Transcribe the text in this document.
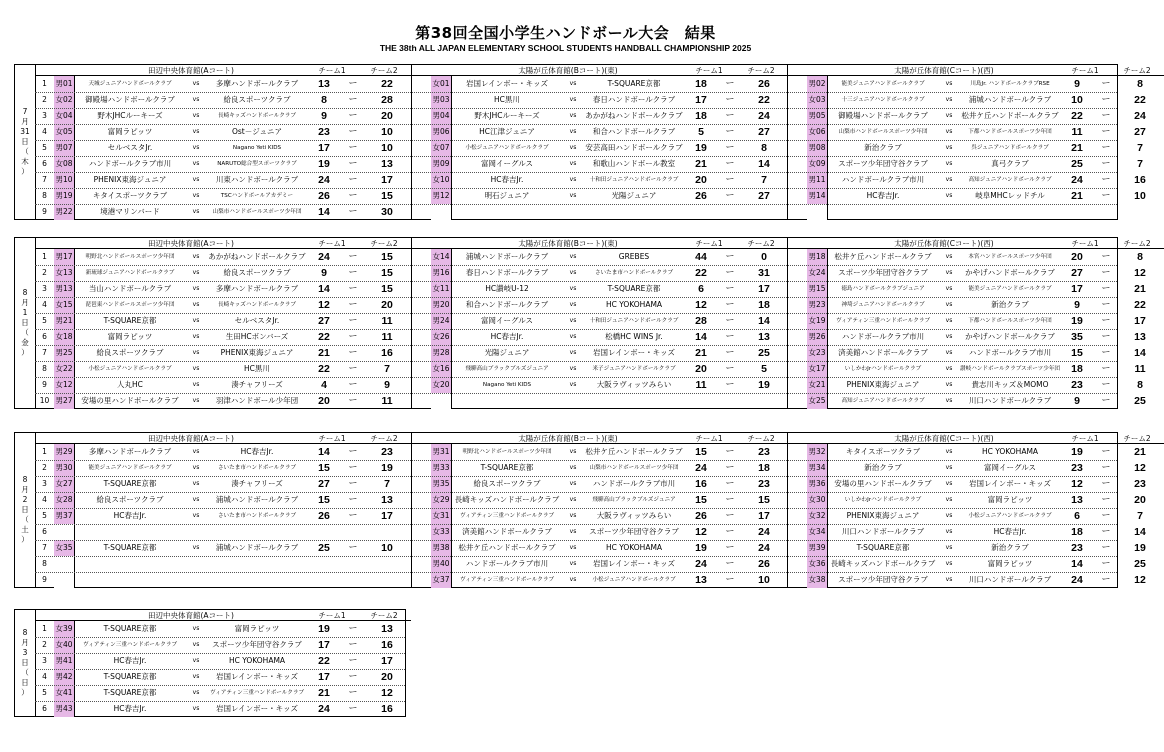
第38回全国小学生ハンドボール大会　結果
THE 38th ALL JAPAN ELEMENTARY SCHOOL STUDENTS HANDBALL CHAMPIONSHIP 2025
7
月
31
日
（
木
）
田辺中央体育館(Aコート)	チーム1	チーム2
1	男01	天城ジュニアハンドボールクラブ	vs	多摩ハンドボールクラブ	13	ー	22
2	女02	御殿場ハンドボールクラブ	vs	給良スポーツクラブ	8	ー	28
3	女04	野木JHCルーキーズ	vs	長崎キッズハンドボールクラブ	9	ー	20
4	女05	富岡ラピッツ	vs	Ost－ジュニア	23	ー	10
5	男07	セルベスタJr.	vs	Nagano Yeti KIDS	17	ー	10
6	女08	ハンドボールクラブ市川	vs	NARUTO総合型スポーツクラブ	19	ー	13
7	男10	PHENIX東海ジュニア	vs	川東ハンドボールクラブ	24	ー	17
8	男19	キタイスポーツクラブ	vs	TSCハンドボールアカデミー	26	ー	15
9	男22	境港マリンバード	vs	山梨市ハンドボールスポーツ少年団	14	ー	30
太陽が丘体育館(Bコート)(東)	チーム1	チーム2
女01	岩国レインボー・キッズ	vs	T-SQUARE京都	18	ー	26
男03	HC黒川	vs	春日ハンドボールクラブ	17	ー	22
男04	野木JHCルーキーズ	vs	あかがねハンドボールクラブ	18	ー	24
男06	HC江津ジュニア	vs	和合ハンドボールクラブ	5	ー	27
女07	小松ジュニアハンドボールクラブ	vs	安芸高田ハンドボールクラブ	19	ー	8
男09	富岡イーグルス	vs	和歌山ハンドボール教室	21	ー	14
女10	HC春吉Jr.	vs	十和田ジュニアハンドボールクラブ	20	ー	7
男12	明石ジュニア	vs	光陽ジュニア	26	ー	27
太陽が丘体育館(Cコート)(西)	チーム1	チーム2
男02	能美ジュニアハンドボールクラブ	vs	川島Jr. ハンドボールクラブRSE	9	ー	8
女03	十三ジュニアハンドボールクラブ	vs	浦城ハンドボールクラブ	10	ー	22
男05	御殿場ハンドボールクラブ	vs	松井ケ丘ハンドボールクラブ	22	ー	24
女06	山梨市ハンドボールスポーツ少年団	vs	下都ハンドボールスポーツ少年団	11	ー	27
男08	新治クラブ	vs	呉ジュニアハンドボールクラブ	21	ー	7
女09	スポーツ少年団守谷クラブ	vs	真弓クラブ	25	ー	7
男11	ハンドボールクラブ市川	vs	高知ジュニアハンドボールクラブ	24	ー	16
男14	HC春吉Jr.	vs	岐阜MHCレッドチル	21	ー	10
8
月
1
日
（
金
）
田辺中央体育館(Aコート)	チーム1	チーム2
1	男17	明野北ハンドボールスポーツ少年団	vs	あかがねハンドボールクラブ	24	ー	15
2	女13	新琉球ジュニアハンドボールクラブ	vs	給良スポーツクラブ	9	ー	15
3	男13	当山ハンドボールクラブ	vs	多摩ハンドボールクラブ	14	ー	15
4	女15	琵琶東ハンドボールスポーツ少年団	vs	長崎キッズハンドボールクラブ	12	ー	20
5	男21	T-SQUARE京都	vs	セルベスタJr.	27	ー	11
6	女18	富岡ラピッツ	vs	生田HCボンバーズ	22	ー	11
7	男25	給良スポーツクラブ	vs	PHENIX東海ジュニア	21	ー	16
8	女22	小松ジュニアハンドボールクラブ	vs	HC黒川	22	ー	7
9	女12	人丸HC	vs	湊チャフリーズ	4	ー	9
10 男27	安場の里ハンドボールクラブ	vs	羽津ハンドボール少年団	20	ー	11
太陽が丘体育館(Bコート)(東)	チーム1	チーム2
女14	浦城ハンドボールクラブ	vs	GREBES	44	ー	0
男16	春日ハンドボールクラブ	vs	さいたま市ハンドボールクラブ	22	ー	31
女11	HC讃岐U-12	vs	T-SQUARE京都	6	ー	17
男20	和合ハンドボールクラブ	vs	HC YOKOHAMA	12	ー	18
男24	富岡イーグルス	vs	十和田ジュニアハンドボールクラブ	28	ー	14
女26	HC春吉Jr.	vs	松橋HC WINS Jr.	14	ー	13
男28	光陽ジュニア	vs	岩国レインボー・キッズ	21	ー	25
女16	飛騨高山ブラックブルズジュニア	vs	米子ジュニアハンドボールクラブ	20	ー	5
女20	Nagano Yeti KIDS	vs	大阪ラヴィッツみらい	11	ー	19
太陽が丘体育館(Cコート)(西)	チーム1	チーム2
男18	松井ケ丘ハンドボールクラブ	vs	本宮ハンドボールスポーツ少年団	20	ー	8
女24	スポーツ少年団守谷クラブ	vs	かやげハンドボールクラブ	27	ー	12
男15	徳島ハンドボールクラブジュニア	vs	能美ジュニアハンドボールクラブ	17	ー	21
男23	神埼ジュニアハンドボールクラブ	vs	新治クラブ	9	ー	22
女19	ヴィアティン三重ハンドボールクラブ	vs	下都ハンドボールスポーツ少年団	19	ー	17
男26	ハンドボールクラブ市川	vs	かやげハンドボールクラブ	35	ー	13
女23	済美館ハンドボールクラブ	vs	ハンドボールクラブ市川	15	ー	14
女17	いしかわJrハンドボールクラブ	vs	讃岐ハンドボールクラブスポーツ少年団	18	ー	11
女21	PHENIX東海ジュニア	vs	貴志川キッズ＆MOMO	23	ー	8
女25	高知ジュニアハンドボールクラブ	vs	川口ハンドボールクラブ	9	ー	25
8
月
2
日
（
土
）
田辺中央体育館(Aコート)	チーム1	チーム2
1	男29	多摩ハンドボールクラブ	vs	HC春吉Jr.	14	ー	23
2	男30	能美ジュニアハンドボールクラブ	vs	さいたま市ハンドボールクラブ	15	ー	19
3	女27	T-SQUARE京都	vs	湊チャフリーズ	27	ー	7
4	女28	給良スポーツクラブ	vs	浦城ハンドボールクラブ	15	ー	13
5	男37	HC春吉Jr.	vs	さいたま市ハンドボールクラブ	26	ー	17
6
7	女35	T-SQUARE京都	vs	浦城ハンドボールクラブ	25	ー	10
8
9
太陽が丘体育館(Bコート)(東)	チーム1	チーム2
男31	明野北ハンドボールスポーツ少年団	vs	松井ケ丘ハンドボールクラブ	15	ー	23
男33	T-SQUARE京都	vs	山梨市ハンドボールスポーツ少年団	24	ー	18
男35	給良スポーツクラブ	vs	ハンドボールクラブ市川	16	ー	23
女29 長崎キッズハンドボールクラブ	vs	飛騨高山ブラックブルズジュニア	15	ー	15
女31	ヴィアティン三重ハンドボールクラブ	vs	大阪ラヴィッツみらい	26	ー	17
女33	済美館ハンドボールクラブ	vs	スポーツ少年団守谷クラブ	12	ー	24
男38	松井ケ丘ハンドボールクラブ	vs	HC YOKOHAMA	19	ー	24
男40	ハンドボールクラブ市川	vs	岩国レインボー・キッズ	24	ー	26
女37	ヴィアティン三重ハンドボールクラブ	vs	小松ジュニアハンドボールクラブ	13	ー	10
太陽が丘体育館(Cコート)(西)	チーム1	チーム2
男32	キタイスポーツクラブ	vs	HC YOKOHAMA	19	ー	21
男34	新治クラブ	vs	富岡イーグルス	23	ー	12
男36	安場の里ハンドボールクラブ	vs	岩国レインボー・キッズ	12	ー	23
女30	いしかわJrハンドボールクラブ	vs	富岡ラピッツ	13	ー	20
女32	PHENIX東海ジュニア	vs	小松ジュニアハンドボールクラブ	6	ー	7
女34	川口ハンドボールクラブ	vs	HC春吉Jr.	18	ー	14
男39	T-SQUARE京都	vs	新治クラブ	23	ー	19
女36 長崎キッズハンドボールクラブ	vs	富岡ラピッツ	14	ー	25
女38	スポーツ少年団守谷クラブ	vs	川口ハンドボールクラブ	24	ー	12
8
月
3
日
（
日
）
田辺中央体育館(Aコート)	チーム1	チーム2
1	女39	T-SQUARE京都	vs	富岡ラピッツ	19	ー	13
2	女40	ヴィアティン三重ハンドボールクラブ	vs	スポーツ少年団守谷クラブ	17	ー	16
3	男41	HC春吉Jr.	vs	HC YOKOHAMA	22	ー	17
4	男42	T-SQUARE京都	vs	岩国レインボー・キッズ	17	ー	20
5	女41	T-SQUARE京都	vs	ヴィアティン三重ハンドボールクラブ	21	ー	12
6	男43	HC春吉Jr.	vs	岩国レインボー・キッズ	24	ー	16
